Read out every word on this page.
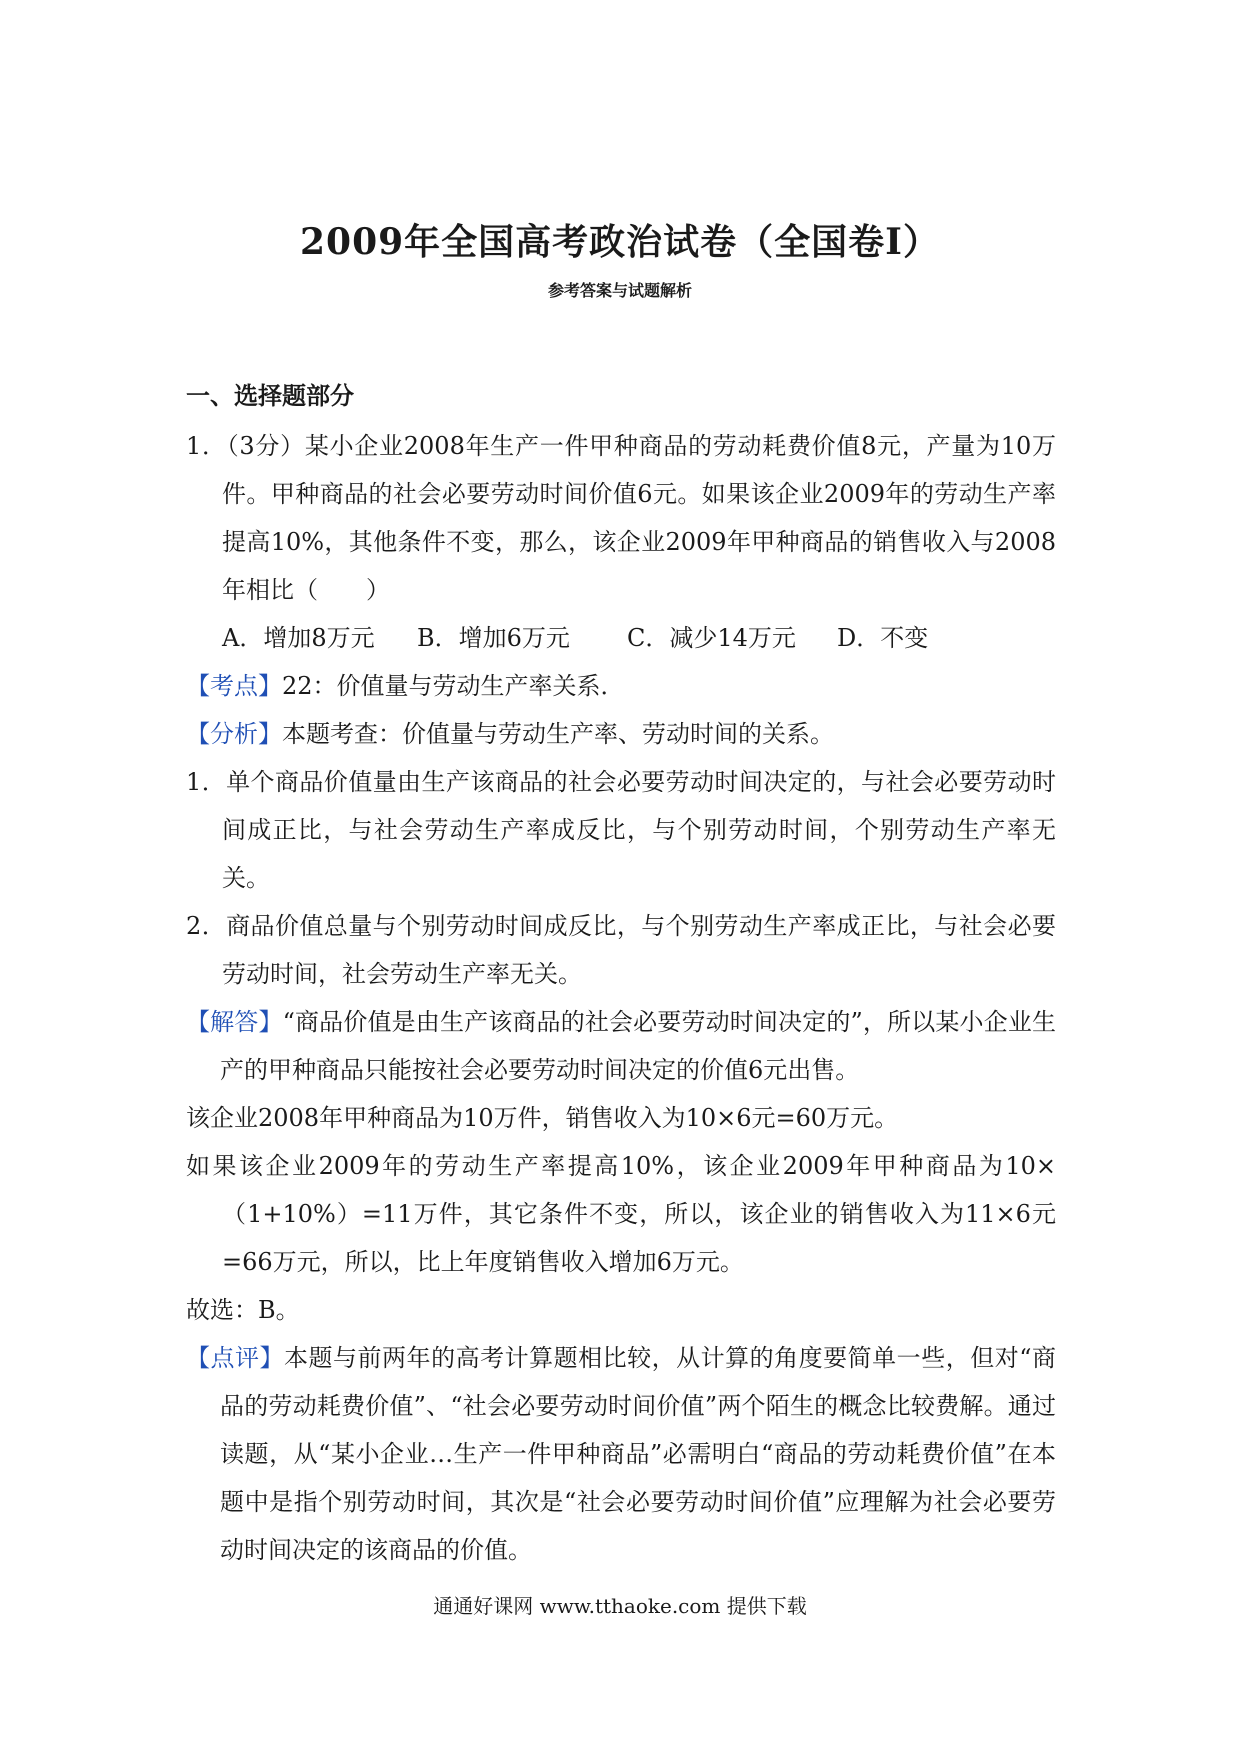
2009年全国高考政治试卷（全国卷I）
参考答案与试题解析
一、选择题部分

1．（3分）某小企业2008年生产一件甲种商品的劳动耗费价值8元，产量为10万件。甲种商品的社会必要劳动时间价值6元。如果该企业2009年的劳动生产率提高10%，其他条件不变，那么，该企业2009年甲种商品的销售收入与2008年相比（　　）

A．增加8万元	B．增加6万元	C．减少14万元	D．不变

【考点】22：价值量与劳动生产率关系．

【分析】本题考查：价值量与劳动生产率、劳动时间的关系。

1．单个商品价值量由生产该商品的社会必要劳动时间决定的，与社会必要劳动时间成正比，与社会劳动生产率成反比，与个别劳动时间，个别劳动生产率无关。

2．商品价值总量与个别劳动时间成反比，与个别劳动生产率成正比，与社会必要劳动时间，社会劳动生产率无关。

【解答】“商品价值是由生产该商品的社会必要劳动时间决定的”，所以某小企业生产的甲种商品只能按社会必要劳动时间决定的价值6元出售。

该企业2008年甲种商品为10万件，销售收入为10×6元=60万元。

如果该企业2009年的劳动生产率提高10%，该企业2009年甲种商品为10×（1+10%）=11万件，其它条件不变，所以，该企业的销售收入为11×6元=66万元，所以，比上年度销售收入增加6万元。

故选：B。

【点评】本题与前两年的高考计算题相比较，从计算的角度要简单一些，但对“商品的劳动耗费价值”、“社会必要劳动时间价值”两个陌生的概念比较费解。通过读题，从“某小企业…生产一件甲种商品”必需明白“商品的劳动耗费价值”在本题中是指个别劳动时间，其次是“社会必要劳动时间价值”应理解为社会必要劳动时间决定的该商品的价值。

通通好课网 www.tthaoke.com 提供下载
